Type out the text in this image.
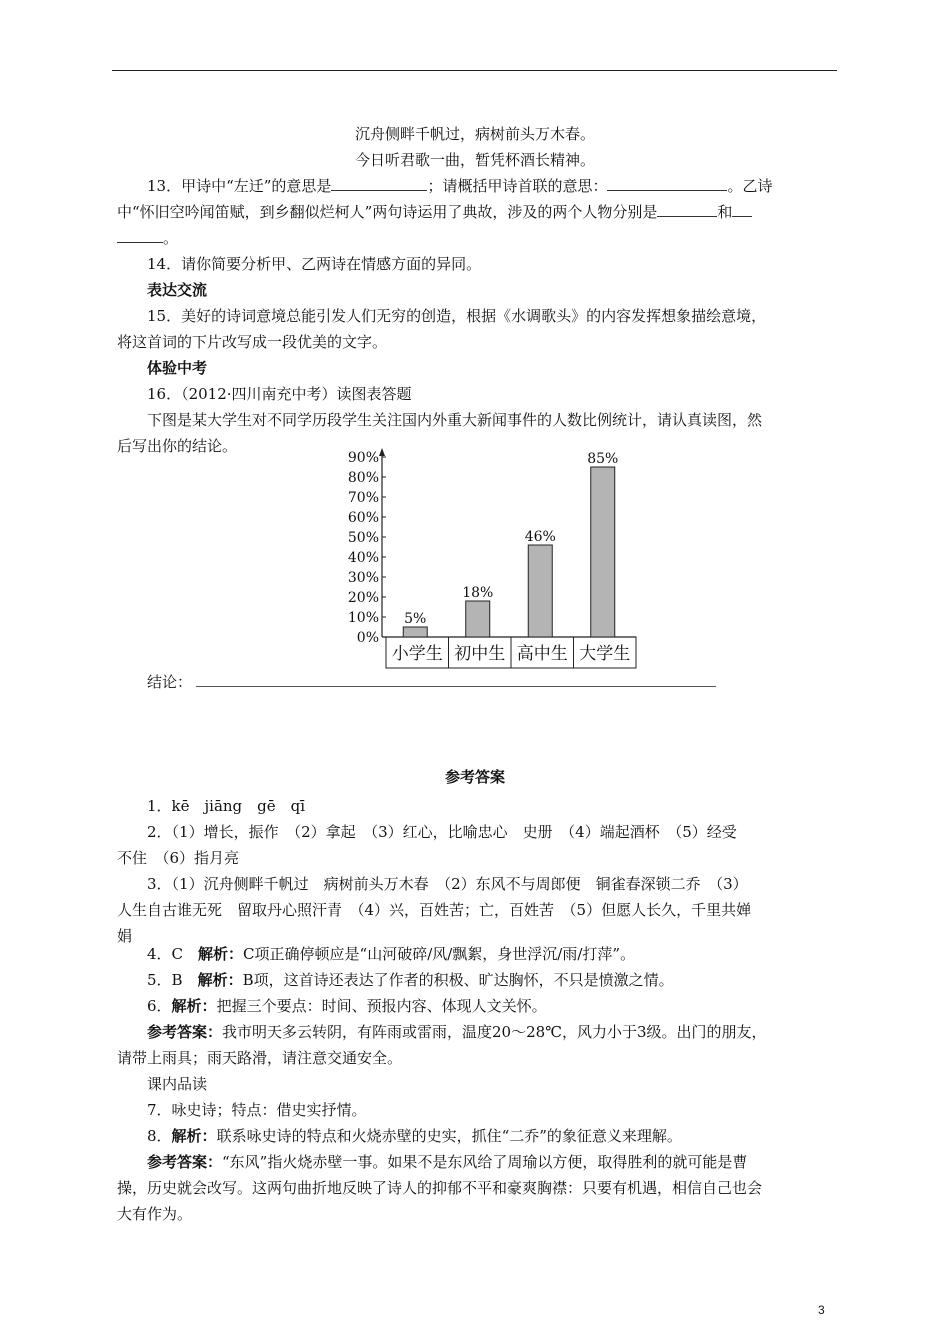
沉舟侧畔千帆过，病树前头万木春。
今日听君歌一曲，暂凭杯酒长精神。
13．甲诗中“左迁”的意思是	；请概括甲诗首联的意思：	。乙诗
中“怀旧空吟闻笛赋，到乡翻似烂柯人”两句诗运用了典故，涉及的两个人物分别是	和
。
14．请你简要分析甲、乙两诗在情感方面的异同。
表达交流
15．美好的诗词意境总能引发人们无穷的创造，根据《水调歌头》的内容发挥想象描绘意境，
将这首词的下片改写成一段优美的文字。
体验中考
16．（2012·四川南充中考）读图表答题
下图是某大学生对不同学历段学生关注国内外重大新闻事件的人数比例统计，请认真读图，然
后写出你的结论。
0%
10%
20%
30%
40%
50%
60%
70%
80%
90%
5%
18%
46%
85%
小学生 初中生 高中生 大学生
结论：
参考答案
1．kē　jiāng　gē　qī
2．（1）增长，振作　（2）拿起　（3）红心，比喻忠心　史册　（4）端起酒杯　（5）经受
不住　（6）指月亮
3．（1）沉舟侧畔千帆过　病树前头万木春　（2）东风不与周郎便　铜雀春深锁二乔　（3）
人生自古谁无死　留取丹心照汗青　（4）兴，百姓苦；亡，百姓苦　（5）但愿人长久，千里共婵
娟
4．C　解析：C项正确停顿应是“山河破碎/风/飘絮，身世浮沉/雨/打萍”。
5．B　解析：B项，这首诗还表达了作者的积极、旷达胸怀，不只是愤激之情。
6．解析：把握三个要点：时间、预报内容、体现人文关怀。
参考答案：我市明天多云转阴，有阵雨或雷雨，温度20～28℃，风力小于3级。出门的朋友，
请带上雨具；雨天路滑，请注意交通安全。
课内品读
7．咏史诗；特点：借史实抒情。
8．解析：联系咏史诗的特点和火烧赤壁的史实，抓住“二乔”的象征意义来理解。
参考答案：“东风”指火烧赤壁一事。如果不是东风给了周瑜以方便，取得胜利的就可能是曹
操，历史就会改写。这两句曲折地反映了诗人的抑郁不平和豪爽胸襟：只要有机遇，相信自己也会
大有作为。
3
